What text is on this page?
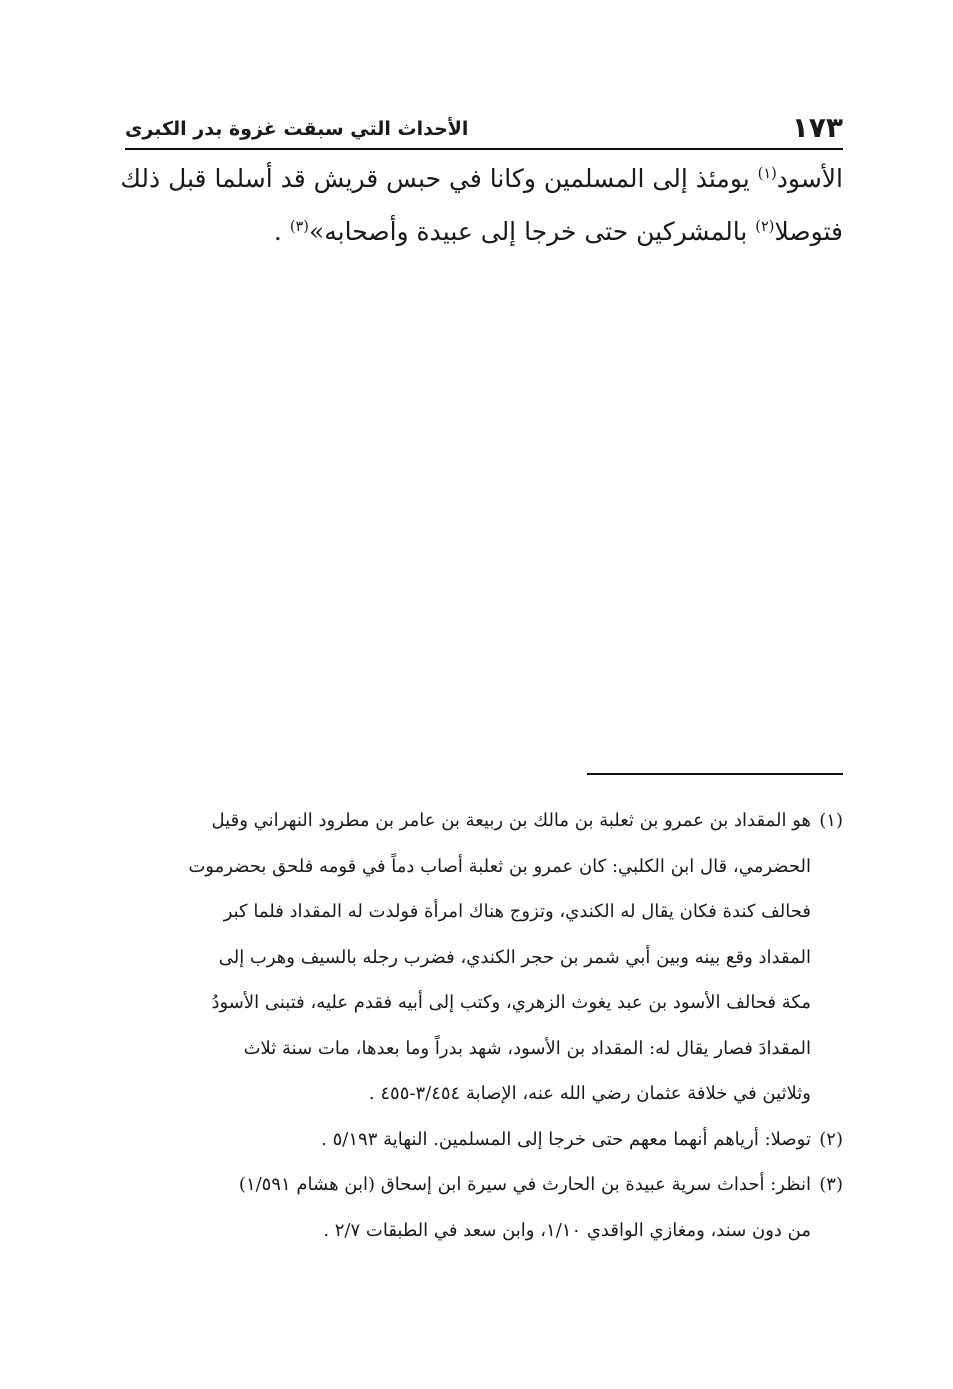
١٧٣
الأحداث التي سبقت غزوة بدر الكبرى

الأسود$^{(١)}$ يومئذ إلى المسلمين وكانا في حبس قريش قد أسلما قبل ذلك
فتوصلا$^{(٢)}$ بالمشركين حتى خرجا إلى عبيدة وأصحابه»$^{(٣)}$ .

(١)
هو المقداد بن عمرو بن ثعلبة بن مالك بن ربيعة بن عامر بن مطرود النهراني وقيل
الحضرمي، قال ابن الكلبي: كان عمرو بن ثعلبة أصاب دماً في قومه فلحق بحضرموت
فحالف كندة فكان يقال له الكندي، وتزوج هناك امرأة فولدت له المقداد فلما كبر
المقداد وقع بينه وبين أبي شمر بن حجر الكندي، فضرب رجله بالسيف وهرب إلى
مكة فحالف الأسود بن عبد يغوث الزهري، وكتب إلى أبيه فقدم عليه، فتبنى الأسودُ
المقدادَ فصار يقال له: المقداد بن الأسود، شهد بدراً وما بعدها، مات سنة ثلاث
وثلاثين في خلافة عثمان رضي الله عنه، الإصابة ٣/٤٥٤-٤٥٥ .
(٢)
توصلا: أرياهم أنهما معهم حتى خرجا إلى المسلمين. النهاية ٥/١٩٣ .
(٣)
انظر: أحداث سرية عبيدة بن الحارث في سيرة ابن إسحاق (ابن هشام ١/٥٩١)
من دون سند، ومغازي الواقدي ١/١٠، وابن سعد في الطبقات ٢/٧ .
